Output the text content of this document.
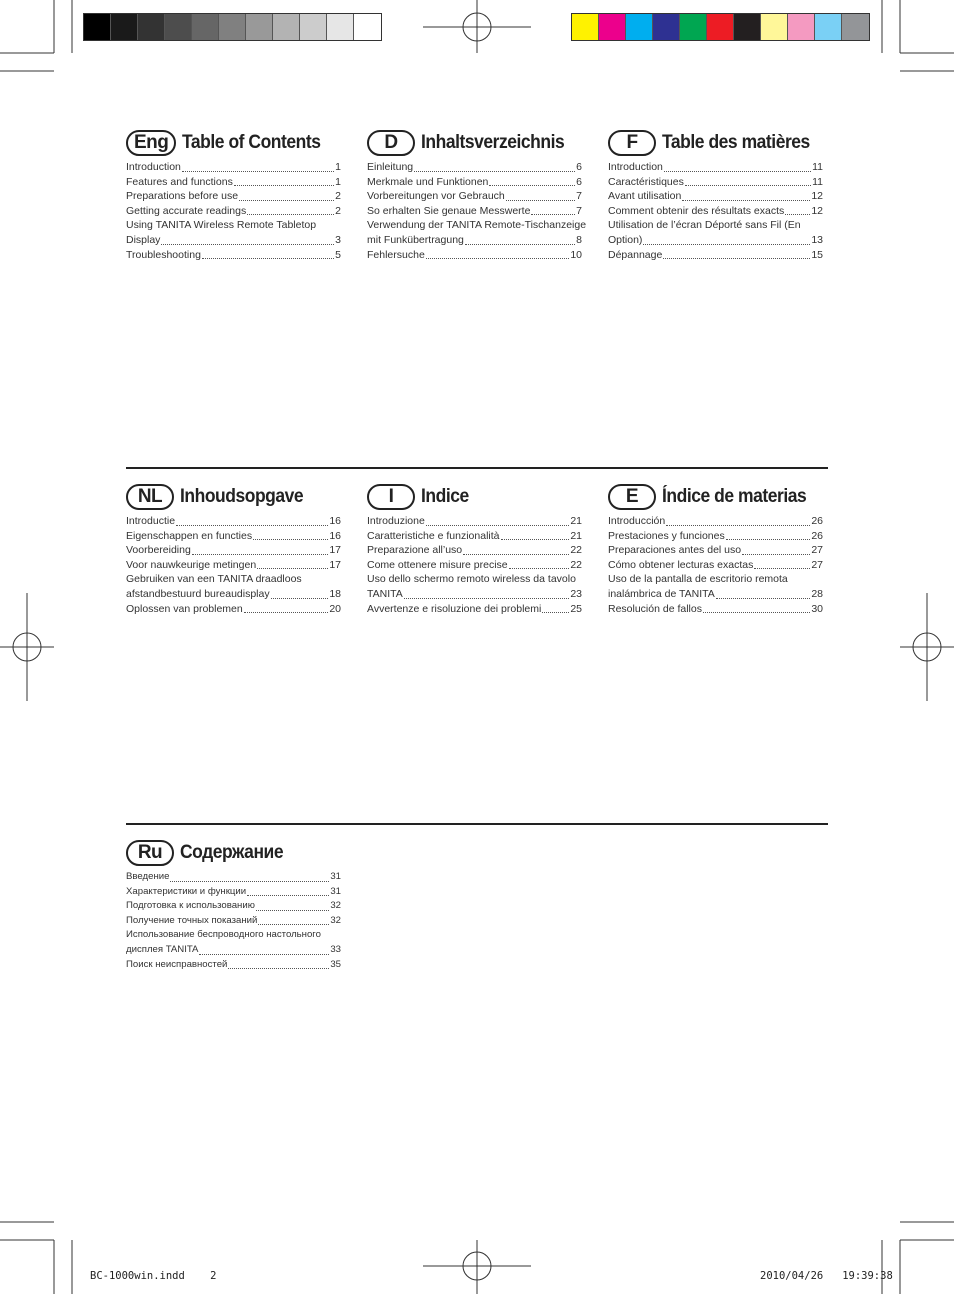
Eng Table of Contents
Introduction	1
Features and functions	1
Preparations before use	2
Getting accurate readings	2
Using TANITA Wireless Remote Tabletop
Display	3
Troubleshooting	5
D	Inhaltsverzeichnis
Einleitung	6
Merkmale und Funktionen	6
Vorbereitungen vor Gebrauch	7
So erhalten Sie genaue Messwerte	7
Verwendung der TANITA Remote-Tischanzeige
mit Funkübertragung	8
Fehlersuche	10
F	Table des matières
Introduction	11
Caractéristiques	11
Avant utilisation	12
Comment obtenir des résultats exacts	12
Utilisation de l’écran Déporté sans Fil (En
Option)	13
Dépannage	15
NL Inhoudsopgave
Introductie	16
Eigenschappen en functies	16
Voorbereiding	17
Voor nauwkeurige metingen	17
Gebruiken van een TANITA draadloos
afstandbestuurd bureaudisplay	18
Oplossen van problemen	20
I	Indice
Introduzione	21
Caratteristiche e funzionalità	21
Preparazione all’uso	22
Come ottenere misure precise	22
Uso dello schermo remoto wireless da tavolo
TANITA	23
Avvertenze e risoluzione dei problemi	25
E	Índice de materias
Introducción	26
Prestaciones y funciones	26
Preparaciones antes del uso	27
Cómo obtener lecturas exactas	27
Uso de la pantalla de escritorio remota
inalámbrica de TANITA	28
Resolución de fallos	30
Ru Содержание
Введение	31
Характеристики и функции	31
Подготовка к использованию	32
Получение точных показаний	32
Использование беспроводного настольного
дисплея TANITA	33
Поиск неисправностей	35
BC-1000win.indd 2	2010/04/26 19:39:38
